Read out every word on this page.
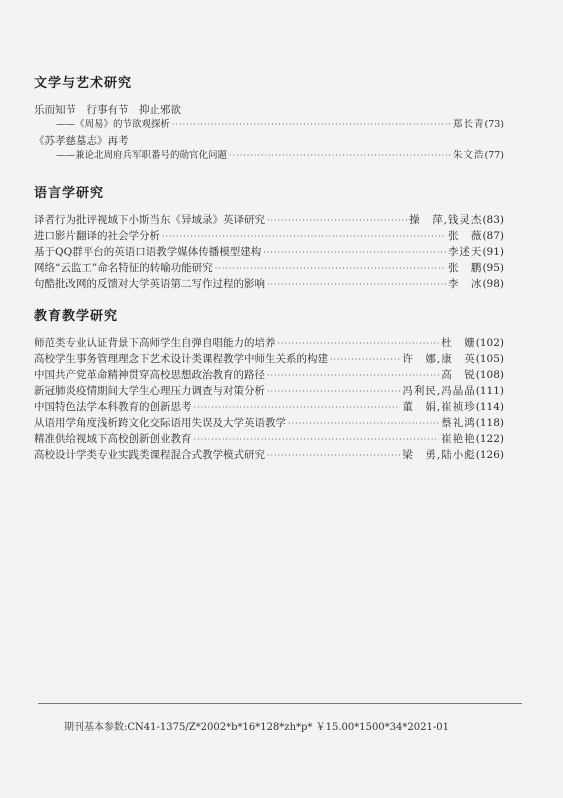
文学与艺术研究
乐而知节　行事有节　抑止邪欲
——《周易》的节欲观探析 ·····	郑长青 (73)
《苏孝慈墓志》再考
——兼论北周府兵军职番号的勋官化问题 ·····	朱文浩 (77)
语言学研究
译者行为批评视域下小斯当东《异域录》英译研究 ·····	操　萍,钱灵杰 (83)
进口影片翻译的社会学分析 ·····	张　薇 (87)
基于QQ群平台的英语口语教学媒体传播模型建构 ·····	李述天 (91)
网络“云监工”命名特征的转喻功能研究 ·····	张　鹏 (95)
句酷批改网的反馈对大学英语第二写作过程的影响 ·····	李　冰 (98)
教育教学研究
师范类专业认证背景下高师学生自弹自唱能力的培养 ·····	杜　姗 (102)
高校学生事务管理理念下艺术设计类课程教学中师生关系的构建 ·····	许　娜,康　英 (105)
中国共产党革命精神贯穿高校思想政治教育的路径 ·····	高　锐 (108)
新冠肺炎疫情期间大学生心理压力调查与对策分析 ·····	冯利民,冯晶晶 (111)
中国特色法学本科教育的创新思考 ·····	董　娟,崔祯珍 (114)
从语用学角度浅析跨文化交际语用失误及大学英语教学 ·····	蔡礼鸿 (118)
精准供给视域下高校创新创业教育 ·····	崔艳艳 (122)
高校设计学类专业实践类课程混合式教学模式研究 ·····	梁　勇,陆小彪 (126)
期刊基本参数:CN41-1375/Z*2002*b*16*128*zh*p* ￥15.00*1500*34*2021-01
